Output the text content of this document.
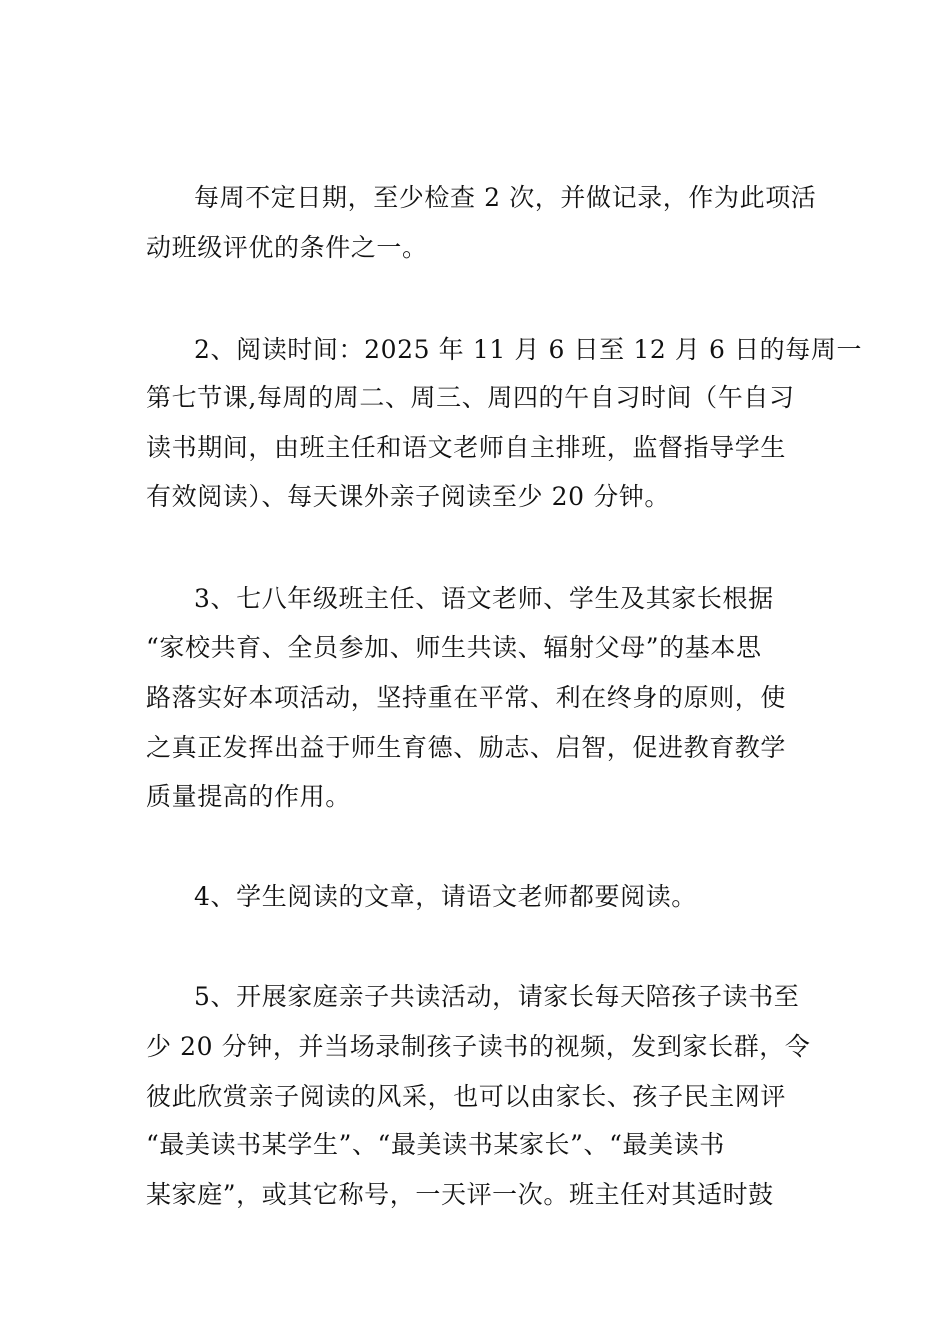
每周不定日期，至少检查 2 次，并做记录，作为此项活
动班级评优的条件之一。
2、阅读时间：2025 年 11 月 6 日至 12 月 6 日的每周一
第七节课,每周的周二、周三、周四的午自习时间（午自习
读书期间，由班主任和语文老师自主排班，监督指导学生
有效阅读）、每天课外亲子阅读至少 20 分钟。
3、七八年级班主任、语文老师、学生及其家长根据
“家校共育、全员参加、师生共读、辐射父母”的基本思
路落实好本项活动，坚持重在平常、利在终身的原则，使
之真正发挥出益于师生育德、励志、启智，促进教育教学
质量提高的作用。
4、学生阅读的文章，请语文老师都要阅读。
5、开展家庭亲子共读活动，请家长每天陪孩子读书至
少 20 分钟，并当场录制孩子读书的视频，发到家长群，令
彼此欣赏亲子阅读的风采，也可以由家长、孩子民主网评
“最美读书某学生”、“最美读书某家长”、“最美读书
某家庭”，或其它称号，一天评一次。班主任对其适时鼓
